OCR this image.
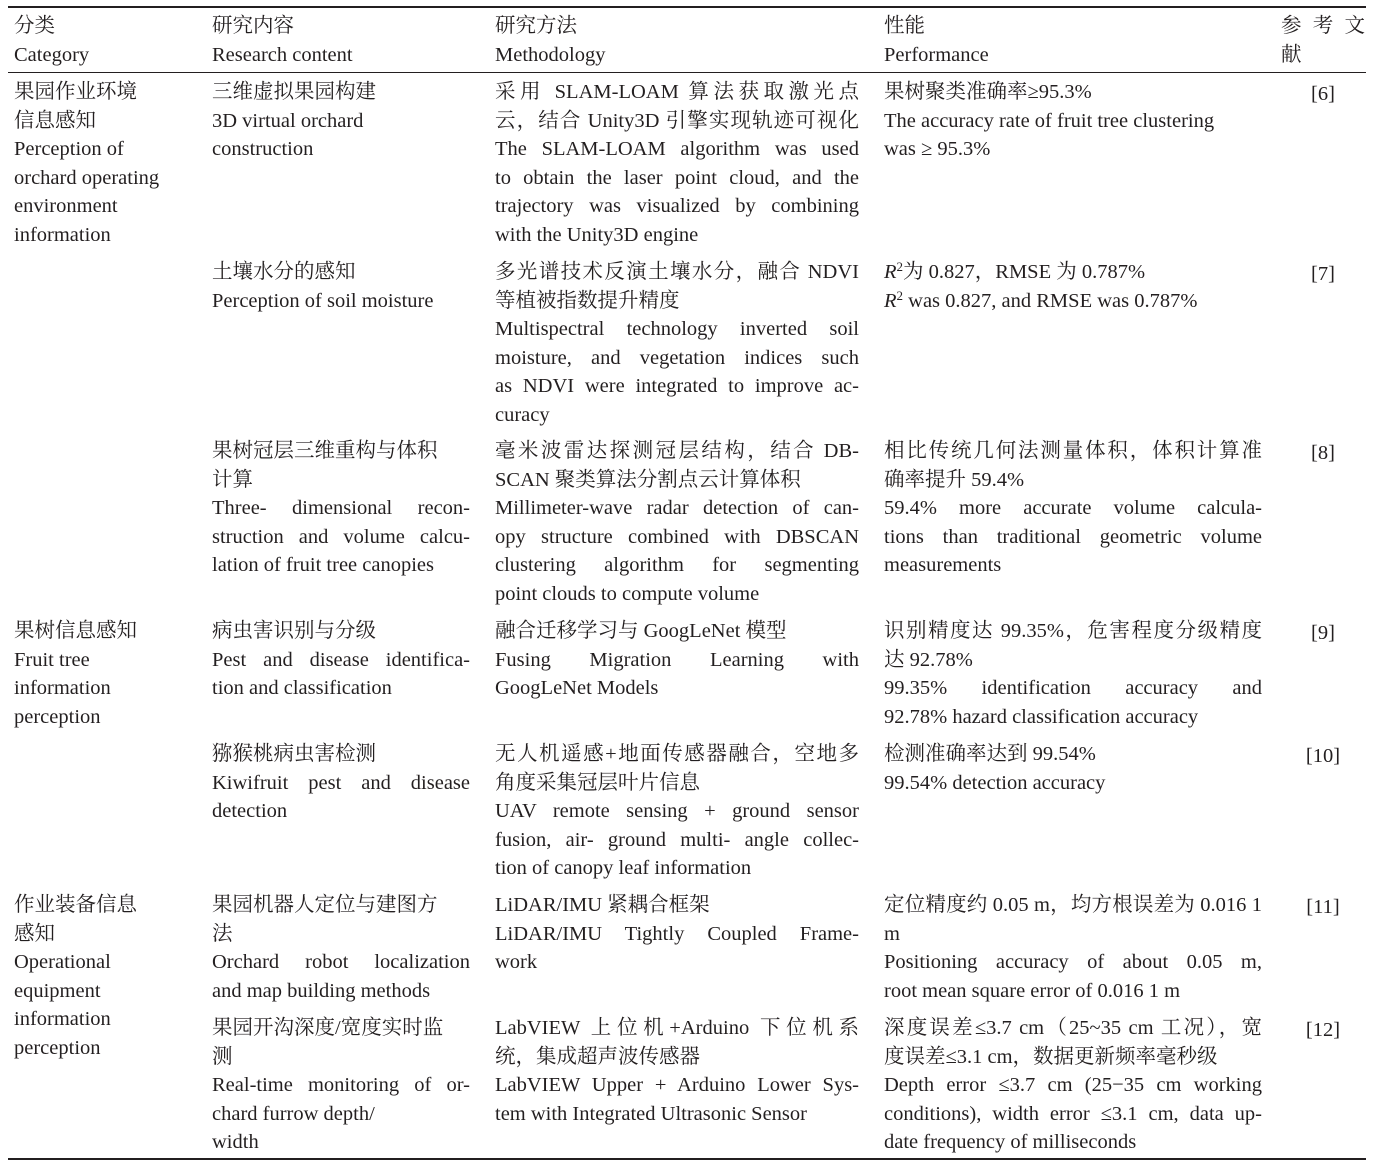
分类
Category
研究内容
Research content
研究方法
Methodology
性能
Performance
参 考 文
献
果园作业环境
信息感知
Perception of
orchard operating
environment
information
三维虚拟果园构建
3D virtual orchard
construction
采用 SLAM-LOAM 算法获取激光点
云，结合 Unity3D 引擎实现轨迹可视化
The SLAM-LOAM algorithm was used
to obtain the laser point cloud, and the
trajectory was visualized by combining
with the Unity3D engine
果树聚类准确率≥95.3%
The accuracy rate of fruit tree clustering
was ≥ 95.3%
[6]
土壤水分的感知
Perception of soil moisture
多光谱技术反演土壤水分，融合 NDVI
等植被指数提升精度
Multispectral technology inverted soil
moisture, and vegetation indices such
as NDVI were integrated to improve ac-
curacy
$R^2$为 0.827，RMSE 为 0.787%
$R^2$ was 0.827, and RMSE was 0.787%
[7]
果树冠层三维重构与体积
计算
Three- dimensional recon-
struction and volume calcu-
lation of fruit tree canopies
毫米波雷达探测冠层结构，结合 DB-
SCAN 聚类算法分割点云计算体积
Millimeter-wave radar detection of can-
opy structure combined with DBSCAN
clustering algorithm for segmenting
point clouds to compute volume
相比传统几何法测量体积，体积计算准
确率提升 59.4%
59.4% more accurate volume calcula-
tions than traditional geometric volume
measurements
[8]
果树信息感知
Fruit tree
information
perception
病虫害识别与分级
Pest and disease identifica-
tion and classification
融合迁移学习与 GoogLeNet 模型
Fusing Migration Learning with
GoogLeNet Models
识别精度达 99.35%，危害程度分级精度
达 92.78%
99.35% identification accuracy and
92.78% hazard classification accuracy
[9]
猕猴桃病虫害检测
Kiwifruit pest and disease
detection
无人机遥感+地面传感器融合，空地多
角度采集冠层叶片信息
UAV remote sensing + ground sensor
fusion, air- ground multi- angle collec-
tion of canopy leaf information
检测准确率达到 99.54%
99.54% detection accuracy
[10]
作业装备信息
感知
Operational
equipment
information
perception
果园机器人定位与建图方
法
Orchard robot localization
and map building methods
LiDAR/IMU 紧耦合框架
LiDAR/IMU Tightly Coupled Frame-
work
定位精度约 0.05 m，均方根误差为 0.016 1 m
Positioning accuracy of about 0.05 m,
root mean square error of 0.016 1 m
[11]
果园开沟深度/宽度实时监
测
Real-time monitoring of or-
chard furrow depth/
width
LabVIEW 上位机+Arduino 下位机系
统，集成超声波传感器
LabVIEW Upper + Arduino Lower Sys-
tem with Integrated Ultrasonic Sensor
深度误差≤3.7 cm（25~35 cm 工况），宽
度误差≤3.1 cm，数据更新频率毫秒级
Depth error ≤3.7 cm (25−35 cm working
conditions), width error ≤3.1 cm, data up-
date frequency of milliseconds
[12]
